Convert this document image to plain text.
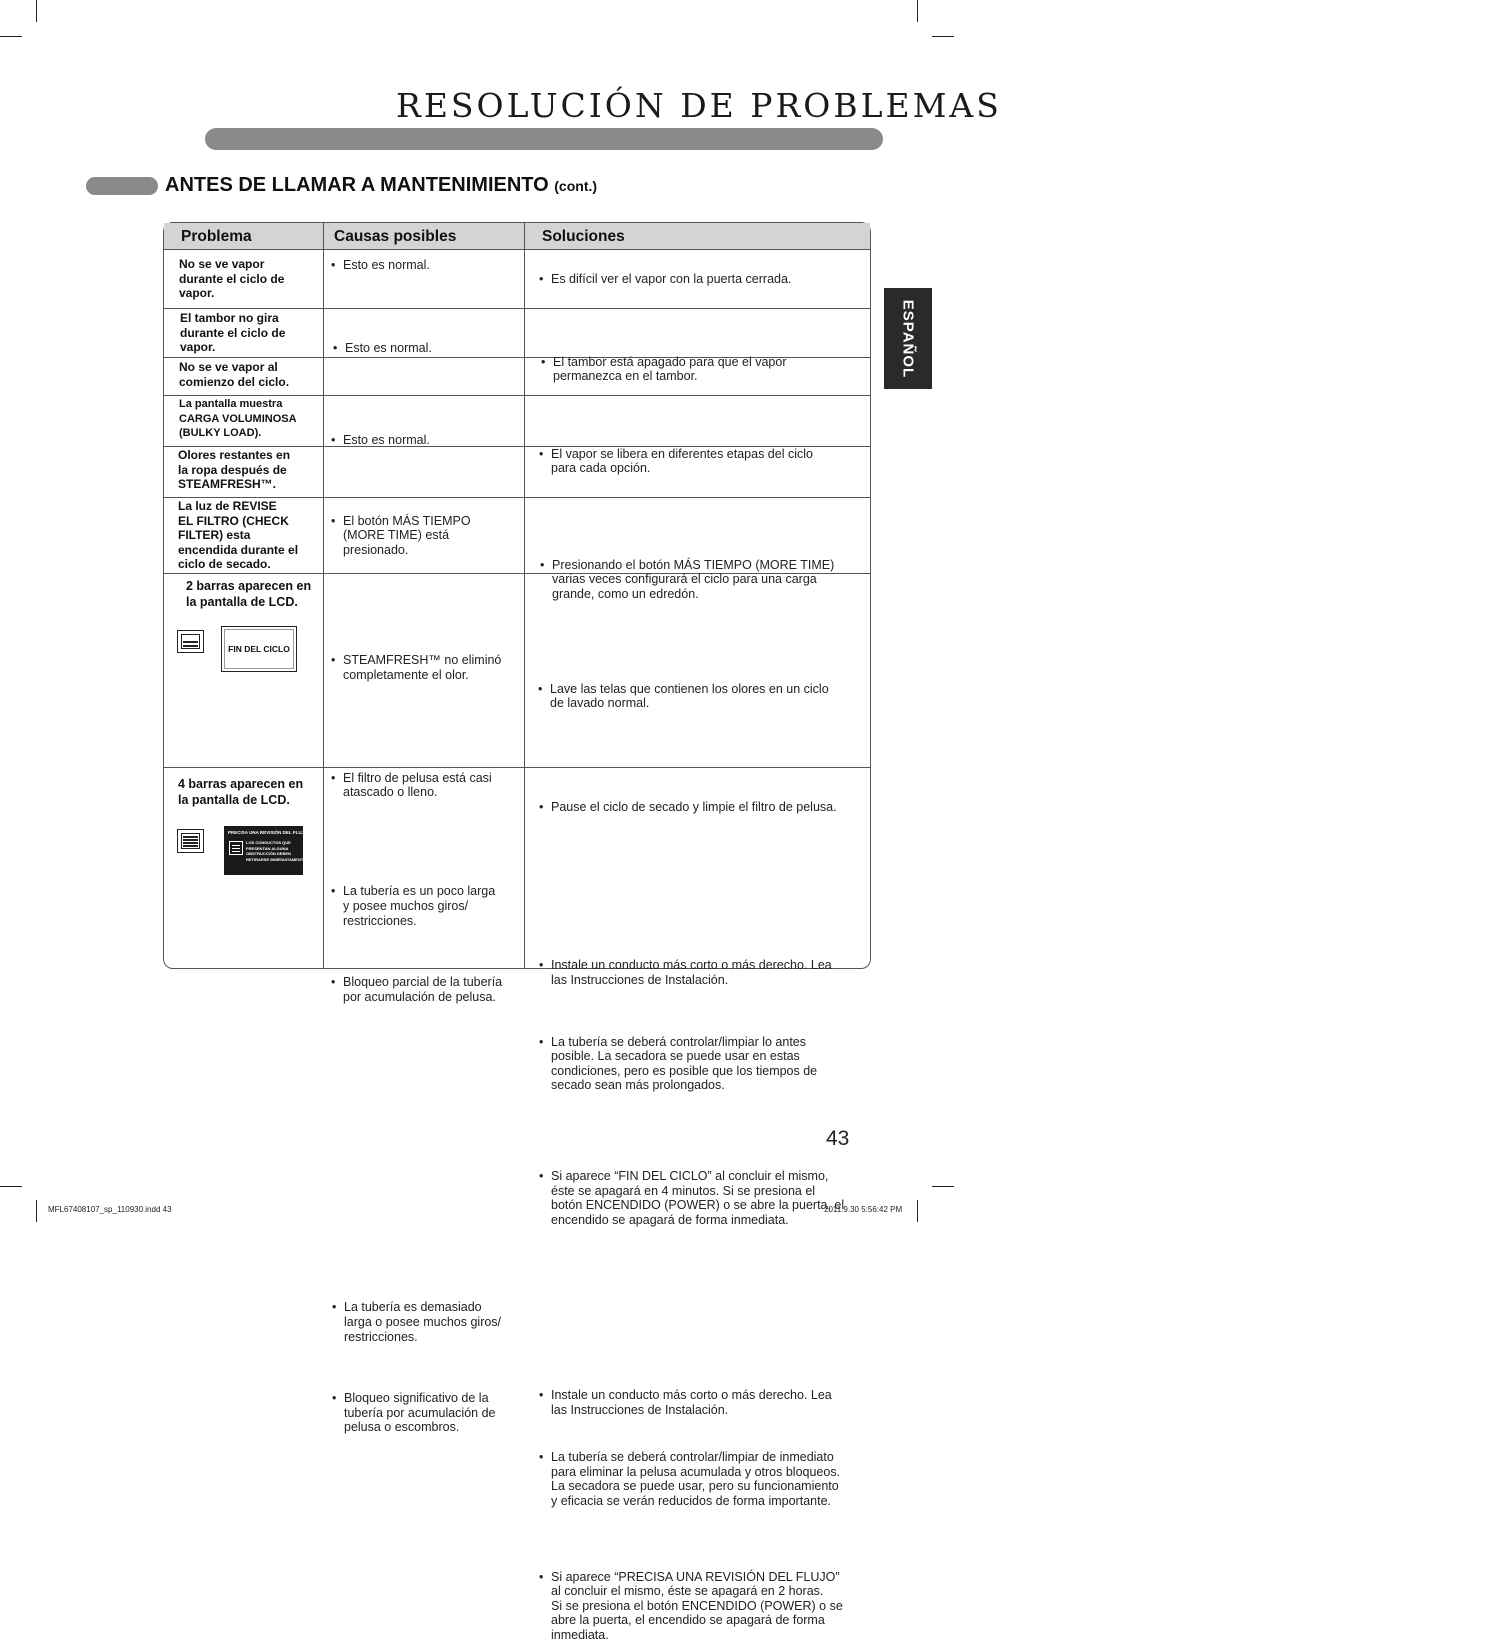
RESOLUCIÓN DE PROBLEMAS
ANTES DE LLAMAR A MANTENIMIENTO (cont.)
ESPAÑOL
Problema	Causas posibles	Soluciones
No se ve vapor
durante el ciclo de
vapor.
• Esto es normal.
• Es difícil ver el vapor con la puerta cerrada.
El tambor no gira
durante el ciclo de
vapor.
•	Esto es normal.
• El tambor está apagado para que el vapor
permanezca en el tambor.
No se ve vapor al
comienzo del ciclo.
• Esto es normal.
• El vapor se libera en diferentes etapas del ciclo
para cada opción.
La pantalla muestra
CARGA VOLUMINOSA
(BULKY LOAD).
• El botón MÁS TIEMPO
(MORE TIME) está
presionado.
• Presionando el botón MÁS TIEMPO (MORE TIME)
varias veces configurará el ciclo para una carga
grande, como un edredón.
Olores restantes en
la ropa después de
STEAMFRESH™.
• STEAMFRESH™ no eliminó
completamente el olor.
• Lave las telas que contienen los olores en un ciclo
de lavado normal.
La luz de REVISE
EL FILTRO (CHECK
FILTER) esta
encendida durante el
ciclo de secado.
• El filtro de pelusa está casi
atascado o lleno.
• Pause el ciclo de secado y limpie el filtro de pelusa.
2 barras aparecen en
la pantalla de LCD.
FIN DEL CICLO
• La tubería es un poco larga
y posee muchos giros/
restricciones.
• Bloqueo parcial de la tubería
por acumulación de pelusa.
• Instale un conducto más corto o más derecho. Lea
las Instrucciones de Instalación.
• La tubería se deberá controlar/limpiar lo antes
posible. La secadora se puede usar en estas
condiciones, pero es posible que los tiempos de
secado sean más prolongados.
• Si aparece “FIN DEL CICLO” al concluir el mismo,
éste se apagará en 4 minutos. Si se presiona el
botón ENCENDIDO (POWER) o se abre la puerta, el
encendido se apagará de forma inmediata.
4 barras aparecen en
la pantalla de LCD.
PRECISA UNA REVISIÓN DEL FLUJO
LOS CONDUCTOS QUE
PRESENTAN ALGUNA
OBSTRUCCIÓN DEBEN
RETIRARSE INMEDIATAMENTE.
• La tubería es demasiado
larga o posee muchos giros/
restricciones.
• Bloqueo significativo de la
tubería por acumulación de
pelusa o escombros.
• Instale un conducto más corto o más derecho. Lea
las Instrucciones de Instalación.
• La tubería se deberá controlar/limpiar de inmediato
para eliminar la pelusa acumulada y otros bloqueos.
La secadora se puede usar, pero su funcionamiento
y eficacia se verán reducidos de forma importante.
• Si aparece “PRECISA UNA REVISIÓN DEL FLUJO”
al concluir el mismo, éste se apagará en 2 horas.
Si se presiona el botón ENCENDIDO (POWER) o se
abre la puerta, el encendido se apagará de forma
inmediata.
43
MFL67408107_sp_110930.indd 43	2011.9.30 5:56:42 PM
